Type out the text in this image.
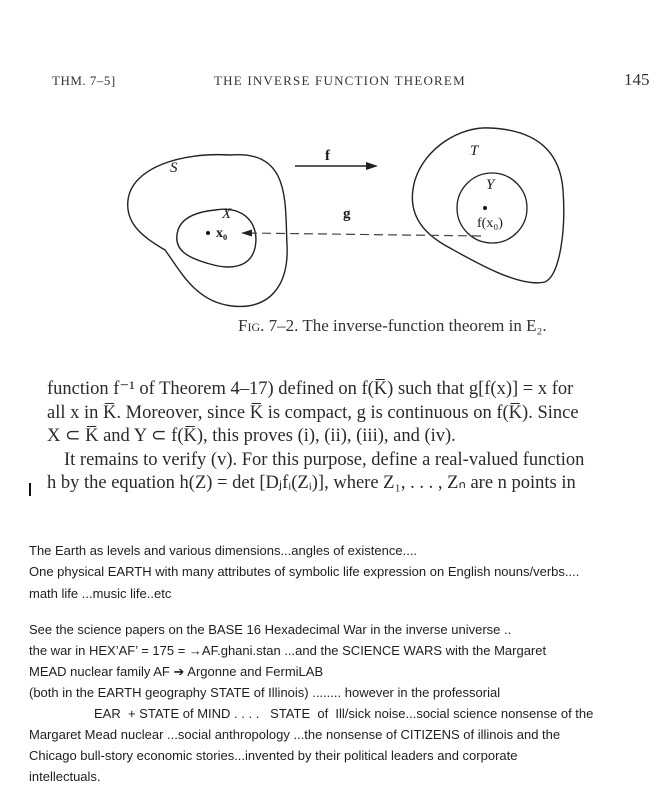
THM. 7–5]	THE INVERSE FUNCTION THEOREM	145
S
X
x₀
f
g
T
Y
f(x₀)
Fig. 7–2. The inverse-function theorem in E₂.

function f⁻¹ of Theorem 4–17) defined on f(K̅) such that g[f(x)] = x for

all x in K̅. Moreover, since K̅ is compact, g is continuous on f(K̅). Since

X ⊂ K̅ and Y ⊂ f(K̅), this proves (i), (ii), (iii), and (iv).

It remains to verify (v). For this purpose, define a real-valued function

h by the equation h(Z) = det [Dⱼfᵢ(Zᵢ)], where Z₁, . . . , Zₙ are n points in

The Earth as levels and various dimensions...angles of existence....
One physical EARTH with many attributes of symbolic life expression on English nouns/verbs....
math life ...music life..etc
See the science papers on the BASE 16 Hexadecimal War in the inverse universe ..
the war in HEX’AF’ = 175 = →AF.ghani.stan ...and the SCIENCE WARS with the Margaret
MEAD nuclear family AF ➔ Argonne and FermiLAB
(both in the EARTH geography STATE of Illinois) ........ however in the professorial
EAR  + STATE of MIND . . . .   STATE  of  Ill/sick noise...social science nonsense of the
Margaret Mead nuclear ...social anthropology ...the nonsense of CITIZENS of illinois and the
Chicago bull-story economic stories...invented by their political leaders and corporate
intellectuals.
